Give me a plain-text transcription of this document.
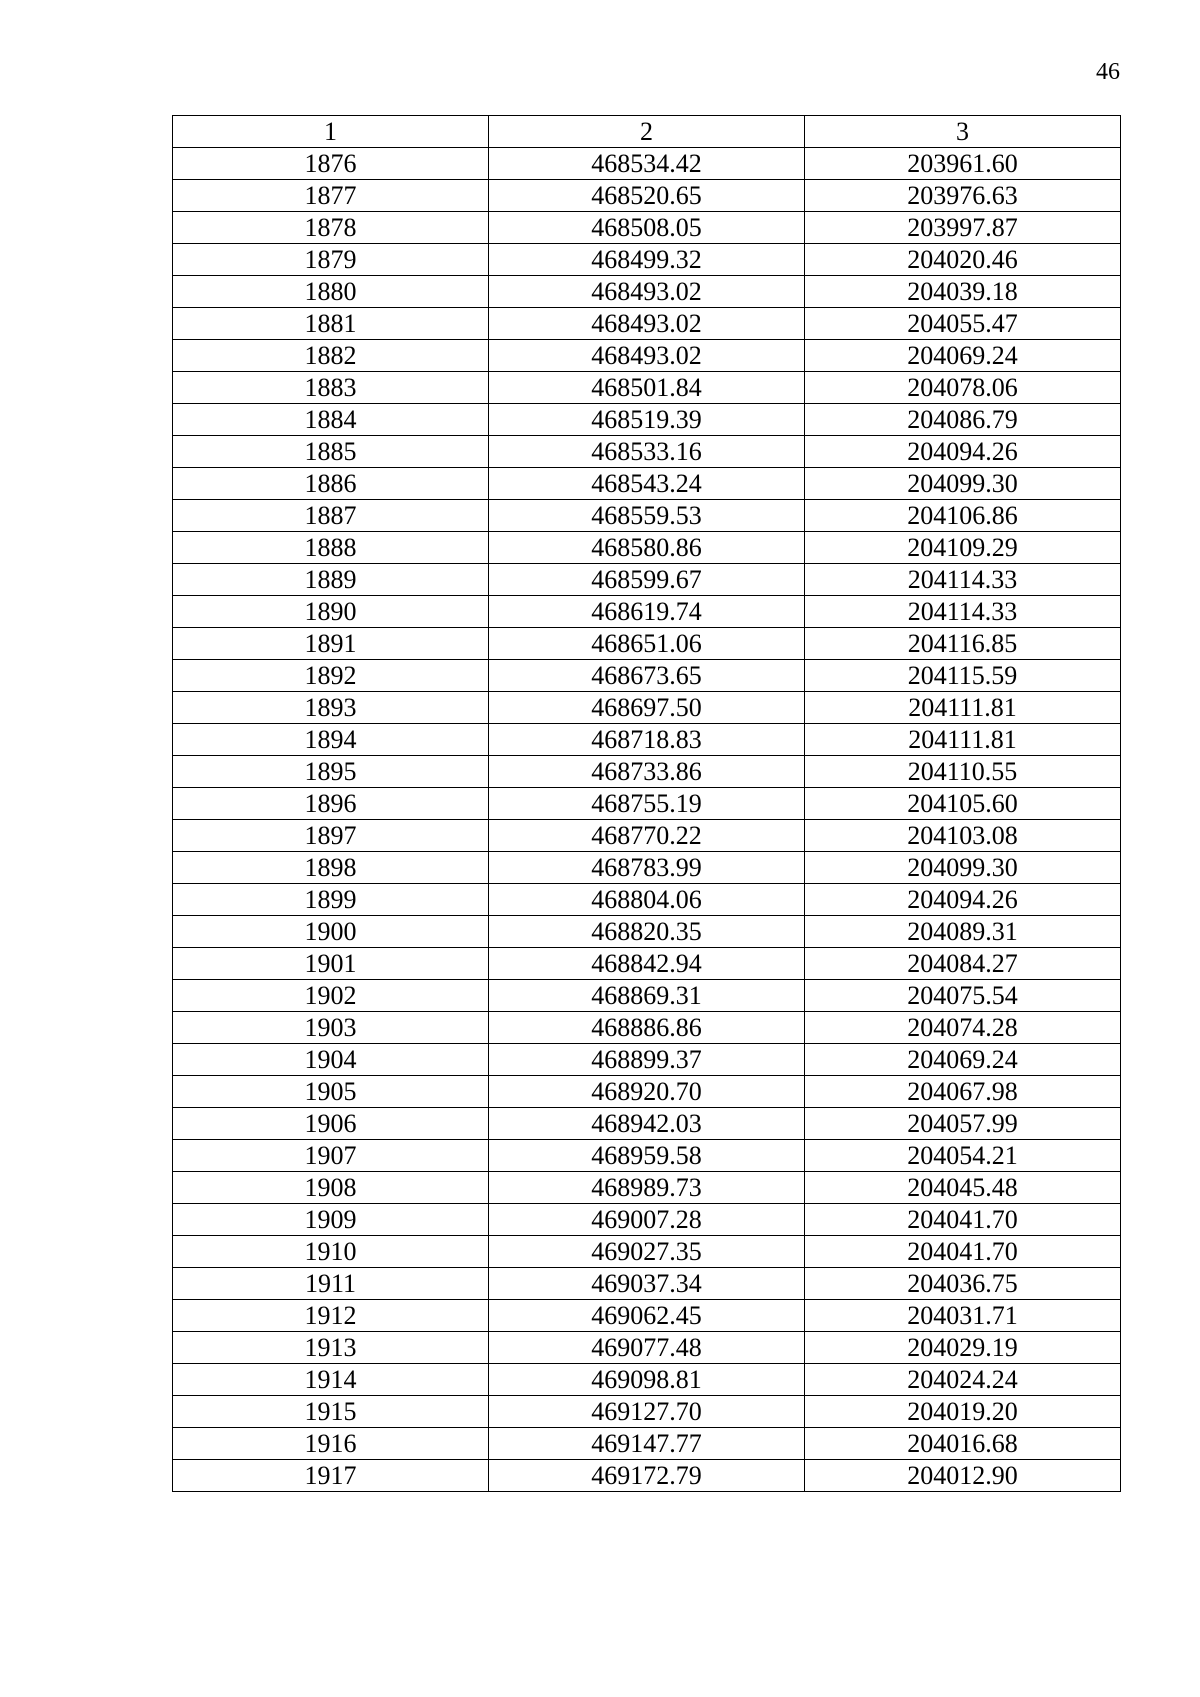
46
1	2	3
1876	468534.42	203961.60
1877	468520.65	203976.63
1878	468508.05	203997.87
1879	468499.32	204020.46
1880	468493.02	204039.18
1881	468493.02	204055.47
1882	468493.02	204069.24
1883	468501.84	204078.06
1884	468519.39	204086.79
1885	468533.16	204094.26
1886	468543.24	204099.30
1887	468559.53	204106.86
1888	468580.86	204109.29
1889	468599.67	204114.33
1890	468619.74	204114.33
1891	468651.06	204116.85
1892	468673.65	204115.59
1893	468697.50	204111.81
1894	468718.83	204111.81
1895	468733.86	204110.55
1896	468755.19	204105.60
1897	468770.22	204103.08
1898	468783.99	204099.30
1899	468804.06	204094.26
1900	468820.35	204089.31
1901	468842.94	204084.27
1902	468869.31	204075.54
1903	468886.86	204074.28
1904	468899.37	204069.24
1905	468920.70	204067.98
1906	468942.03	204057.99
1907	468959.58	204054.21
1908	468989.73	204045.48
1909	469007.28	204041.70
1910	469027.35	204041.70
1911	469037.34	204036.75
1912	469062.45	204031.71
1913	469077.48	204029.19
1914	469098.81	204024.24
1915	469127.70	204019.20
1916	469147.77	204016.68
1917	469172.79	204012.90
